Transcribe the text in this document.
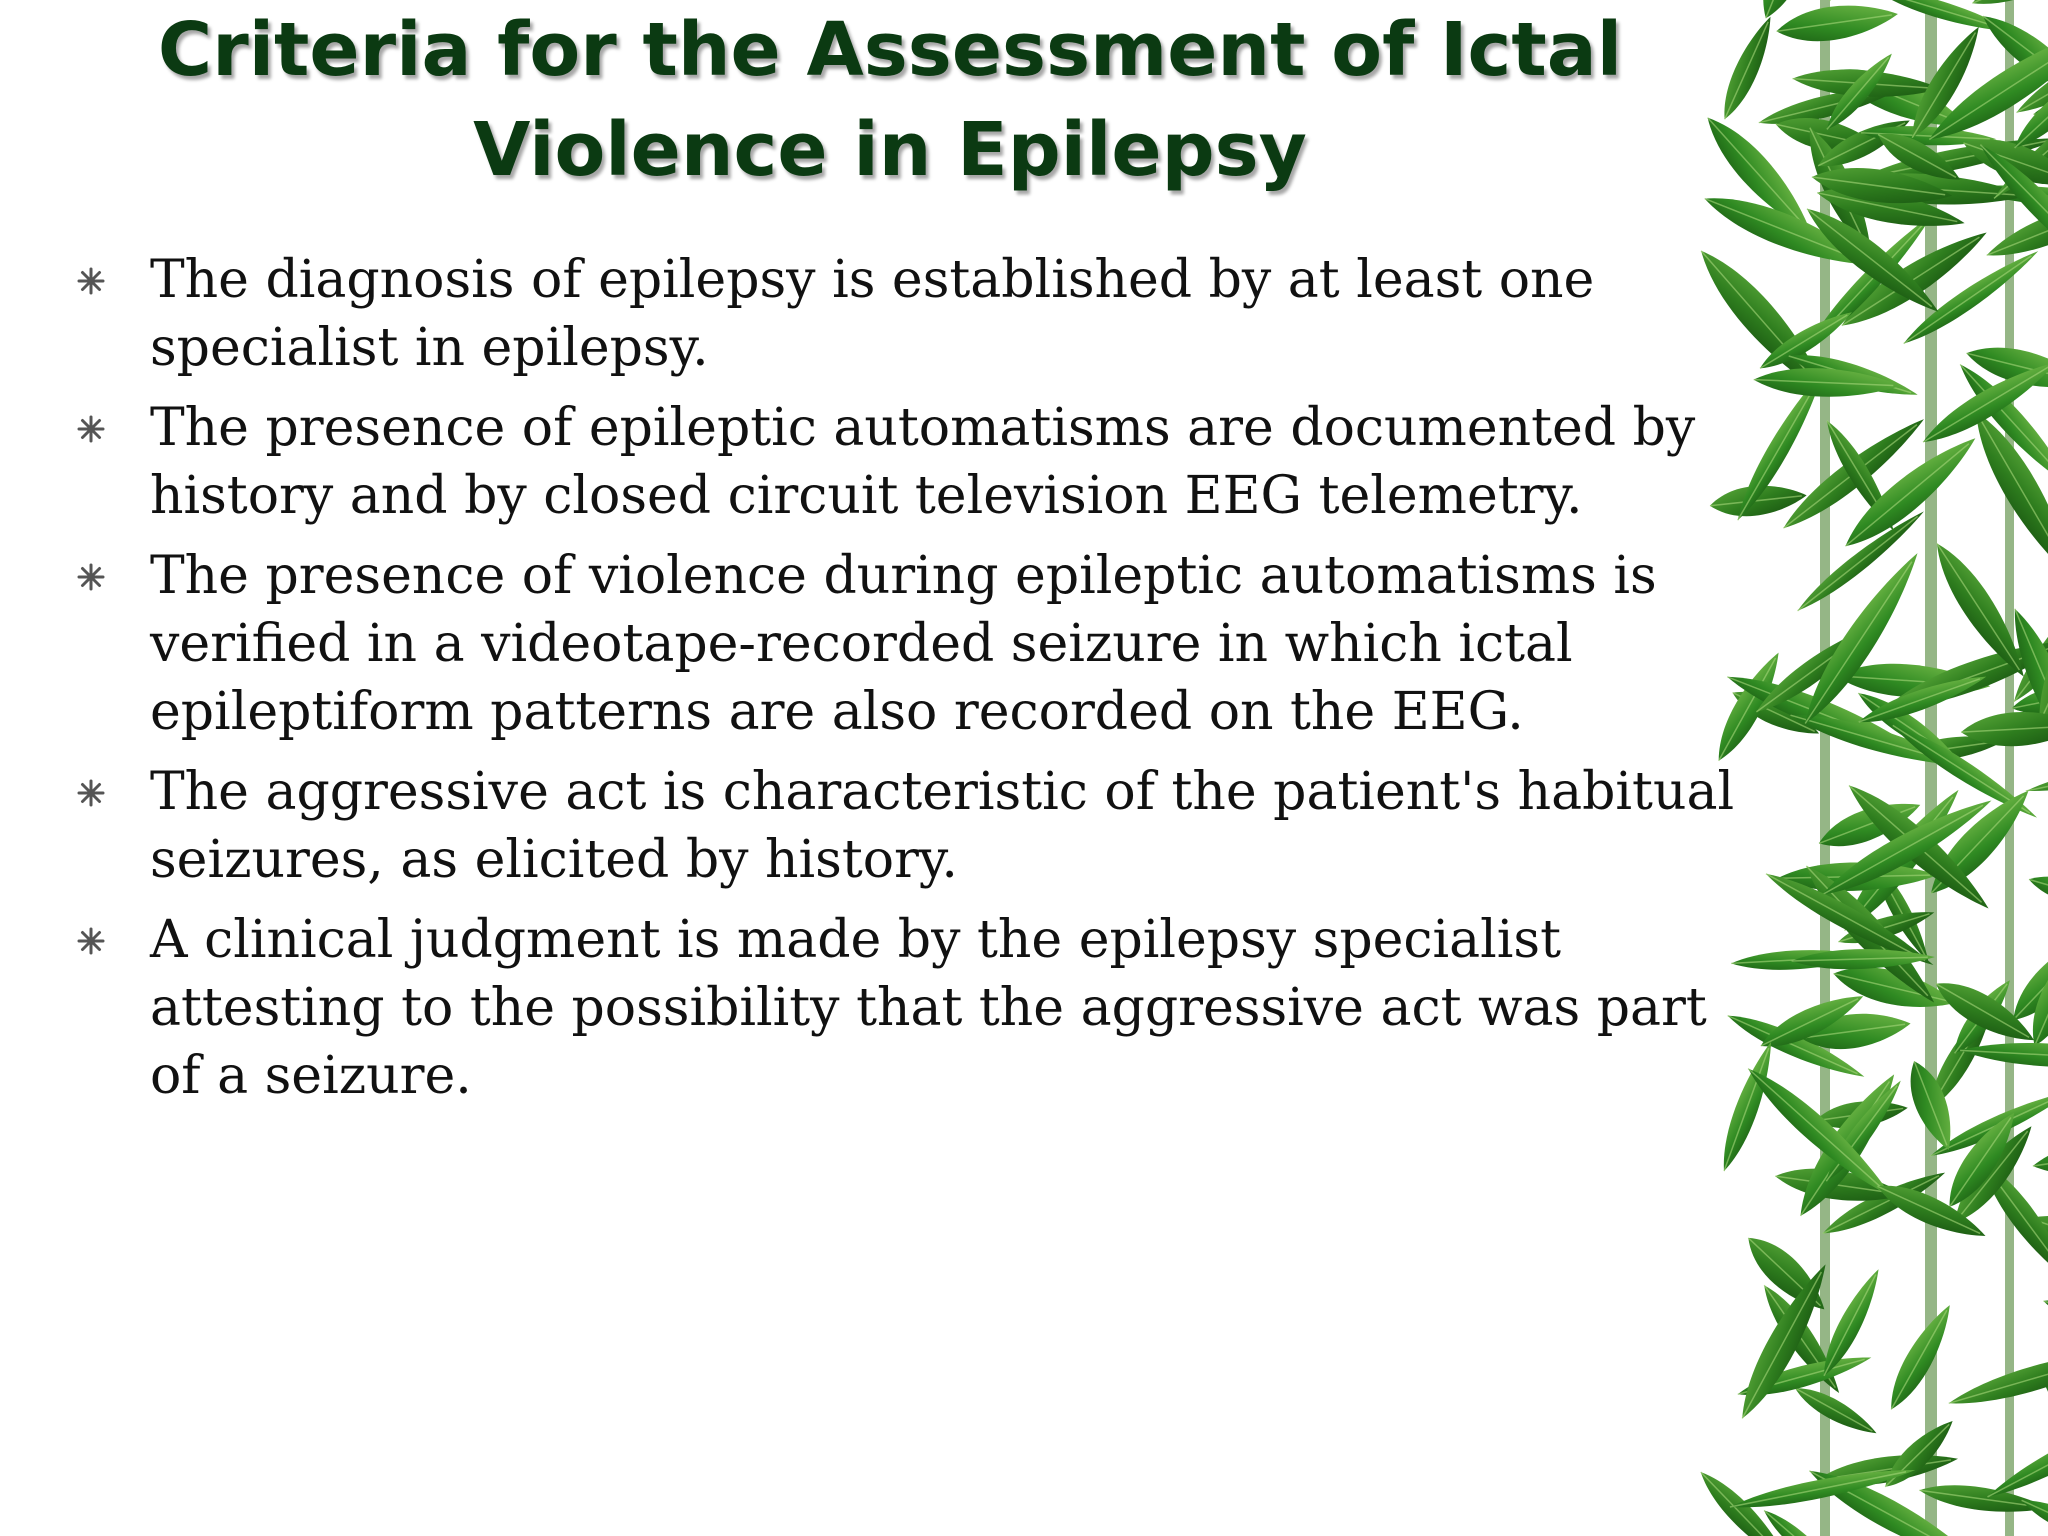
Criteria for the Assessment of Ictal Violence in Epilepsy
The diagnosis of epilepsy is established by at least one specialist in epilepsy.
The presence of epileptic automatisms are documented by history and by closed circuit television EEG telemetry.
The presence of violence during epileptic automatisms is verified in a videotape-recorded seizure in which ictal epileptiform patterns are also recorded on the EEG.
The aggressive act is characteristic of the patient's habitual seizures, as elicited by history.
A clinical judgment is made by the epilepsy specialist attesting to the possibility that the aggressive act was part of a seizure.
